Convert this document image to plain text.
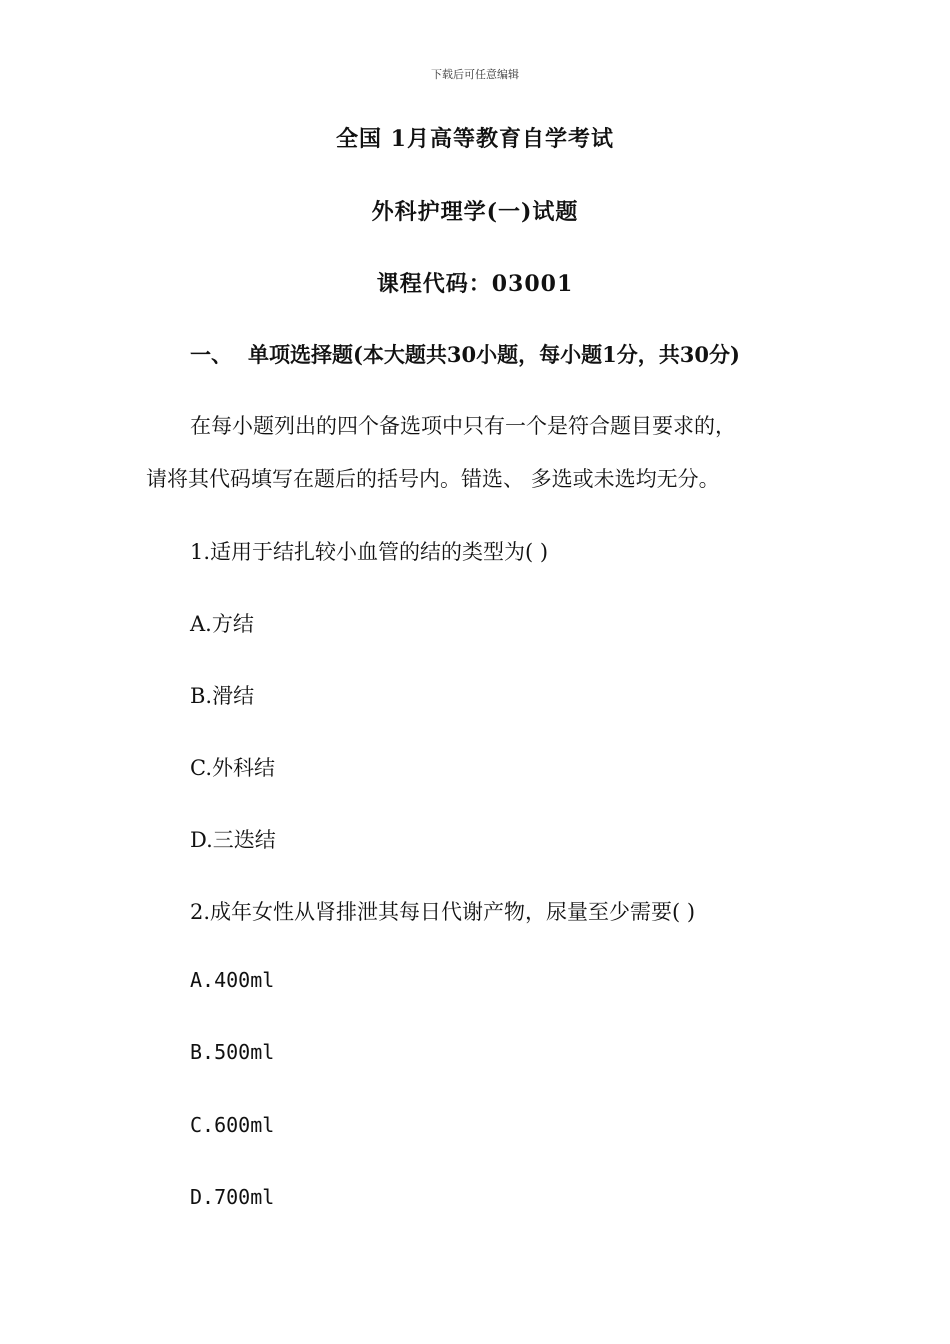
下载后可任意编辑
全国 1月高等教育自学考试
外科护理学(一)试题
课程代码：03001
一、 单项选择题(本大题共30小题，每小题1分，共30分)
在每小题列出的四个备选项中只有一个是符合题目要求的，
请将其代码填写在题后的括号内。错选、 多选或未选均无分。
1.适用于结扎较小血管的结的类型为( )
A.方结
B.滑结
C.外科结
D.三迭结
2.成年女性从肾排泄其每日代谢产物，尿量至少需要( )
A.400ml
B.500ml
C.600ml
D.700ml
